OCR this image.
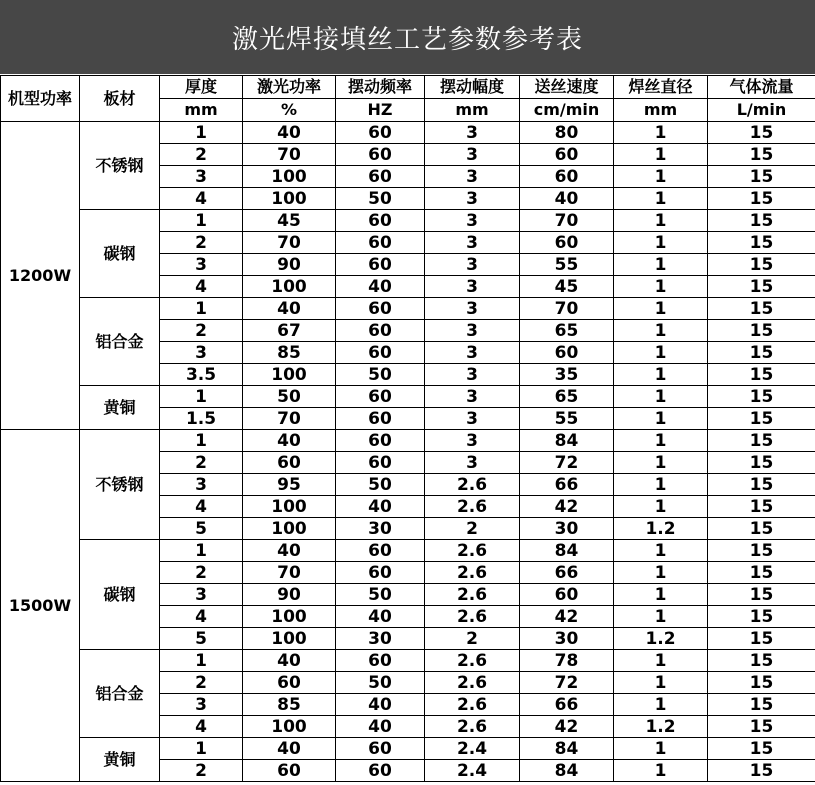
激光焊接填丝工艺参数参考表
机型功率	板材	厚度	激光功率	摆动频率	摆动幅度	送丝速度	焊丝直径	气体流量
		mm	%	HZ	mm	cm/min	mm	L/min
1200W	不锈钢	1	40	60	3	80	1	15
		2	70	60	3	60	1	15
		3	100	60	3	60	1	15
		4	100	50	3	40	1	15
	碳钢	1	45	60	3	70	1	15
		2	70	60	3	60	1	15
		3	90	60	3	55	1	15
		4	100	40	3	45	1	15
	铝合金	1	40	60	3	70	1	15
		2	67	60	3	65	1	15
		3	85	60	3	60	1	15
		3.5	100	50	3	35	1	15
	黄铜	1	50	60	3	65	1	15
		1.5	70	60	3	55	1	15
1500W	不锈钢	1	40	60	3	84	1	15
		2	60	60	3	72	1	15
		3	95	50	2.6	66	1	15
		4	100	40	2.6	42	1	15
		5	100	30	2	30	1.2	15
	碳钢	1	40	60	2.6	84	1	15
		2	70	60	2.6	66	1	15
		3	90	50	2.6	60	1	15
		4	100	40	2.6	42	1	15
		5	100	30	2	30	1.2	15
	铝合金	1	40	60	2.6	78	1	15
		2	60	50	2.6	72	1	15
		3	85	40	2.6	66	1	15
		4	100	40	2.6	42	1.2	15
	黄铜	1	40	60	2.4	84	1	15
		2	60	60	2.4	84	1	15
